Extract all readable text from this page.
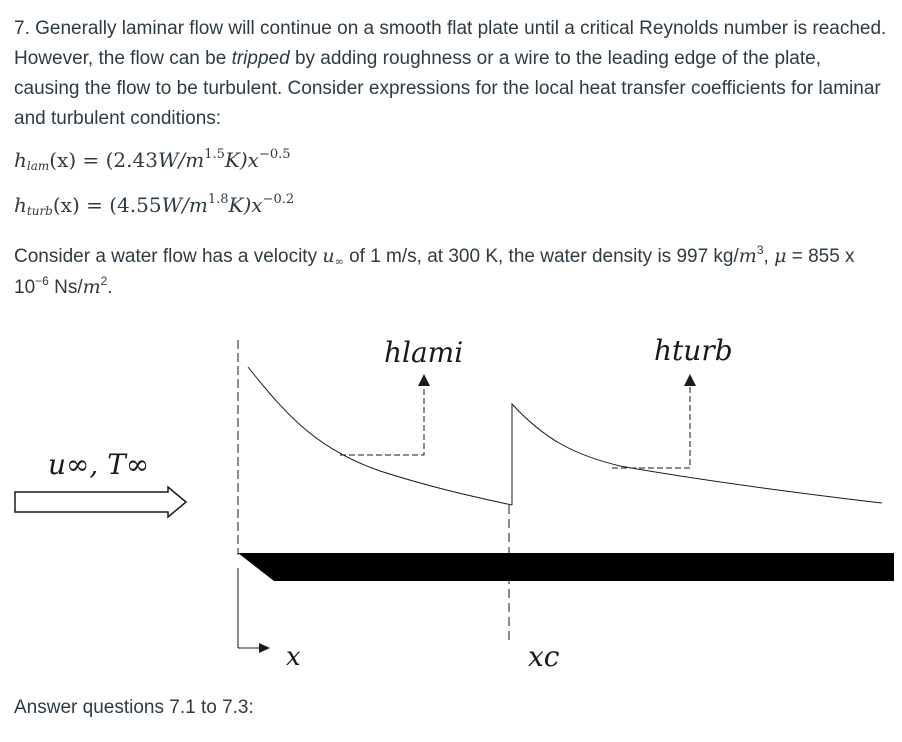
7. Generally laminar flow will continue on a smooth flat plate until a critical Reynolds number is reached. However, the flow can be tripped by adding roughness or a wire to the leading edge of the plate, causing the flow to be turbulent. Consider expressions for the local heat transfer coefficients for laminar and turbulent conditions:
$h_{lam}(x) = (2.43W/m^{1.5}K)x^{-0.5}$
$h_{turb}(x) = (4.55W/m^{1.8}K)x^{-0.2}$
Consider a water flow has a velocity $u_\infty$ of 1 m/s, at 300 K, the water density is 997 $kg/m^3$, μ = 855 x $10^{-6}$ $Ns/m^2$.
u∞, T∞
hlami	hturb
x	xc
Answer questions 7.1 to 7.3:
